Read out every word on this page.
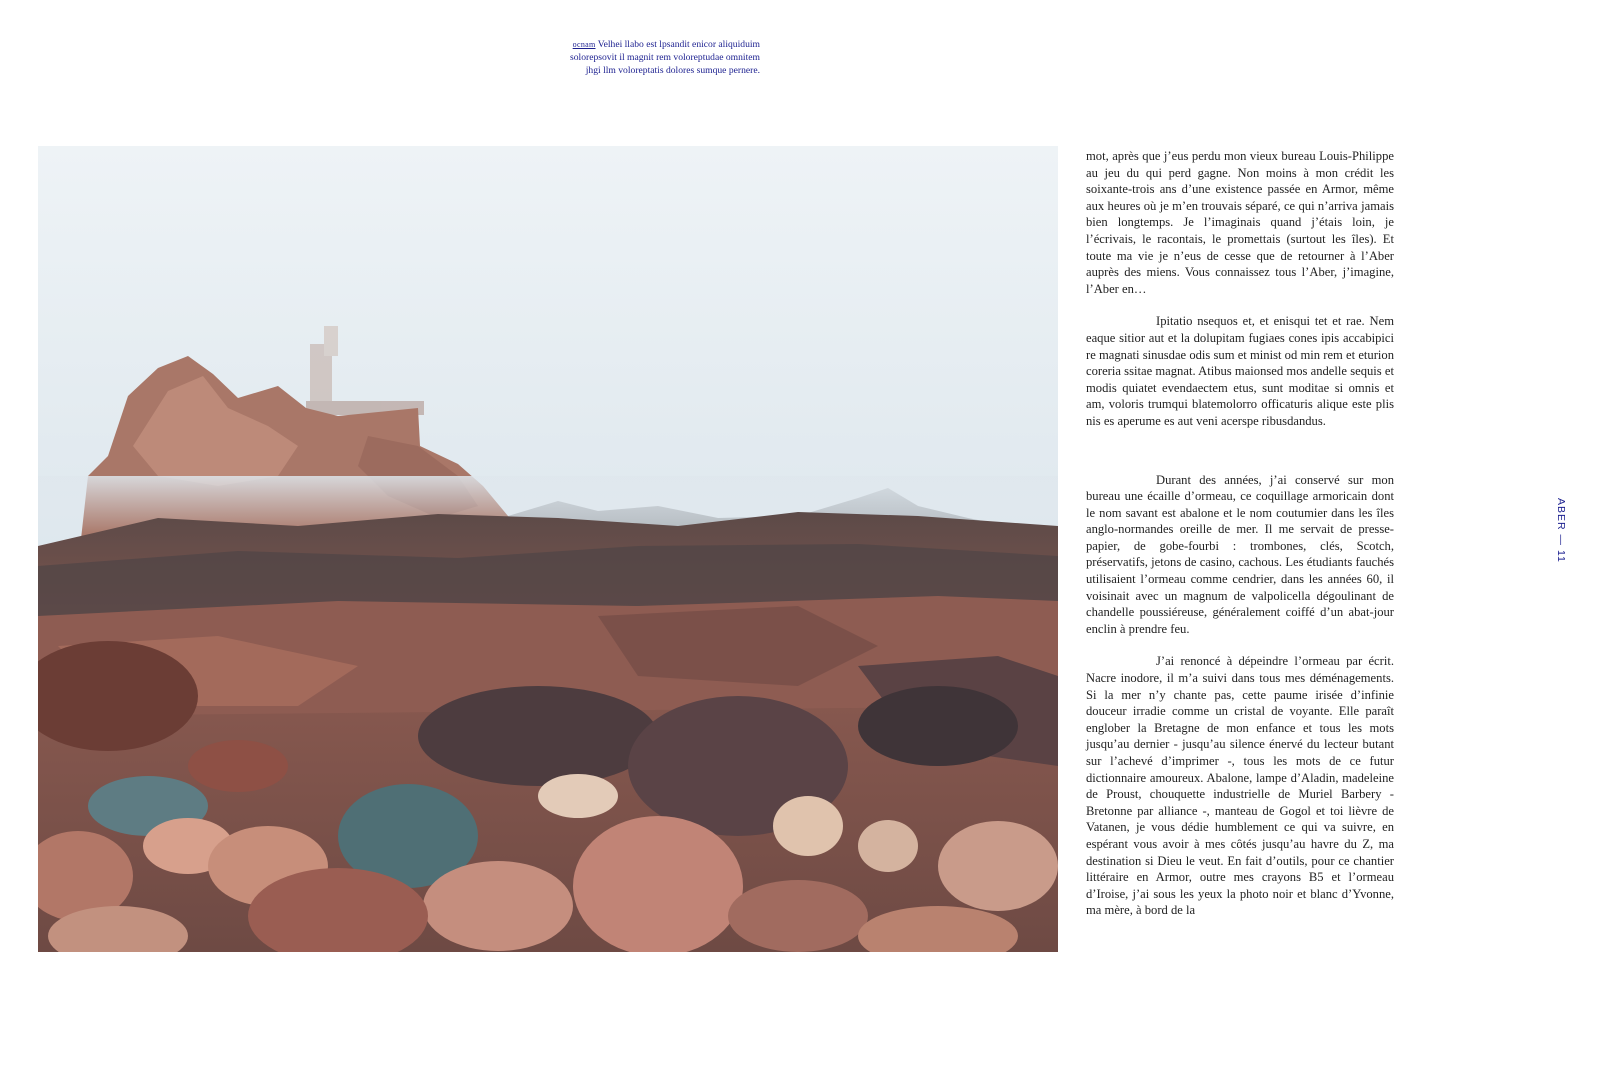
ocnam Velhei llabo est lpsandit enicor aliquiduim solorepsovit il magnit rem voloreptudae omnitem jhgi llm voloreptatis dolores sumque pernere.

mot, après que j’eus perdu mon vieux bureau Louis-Philippe au jeu du qui perd gagne. Non moins à mon crédit les soixante-trois ans d’une existence passée en Armor, même aux heures où je m’en trouvais séparé, ce qui n’arriva jamais bien longtemps. Je l’imaginais quand j’étais loin, je l’écrivais, le racontais, le promettais (surtout les îles). Et toute ma vie je n’eus de cesse que de retourner à l’Aber auprès des miens. Vous connaissez tous l’Aber, j’imagine, l’Aber en…

Ipitatio nsequos et, et enisqui tet et rae. Nem eaque sitior aut et la dolupitam fugiaes cones ipis accabipici re magnati sinusdae odis sum et minist od min rem et eturion coreria ssitae magnat. Atibus maionsed mos andelle sequis et modis quiatet evendaectem etus, sunt moditae si omnis et am, voloris trumqui blatemolorro officaturis alique este plis nis es aperume es aut veni acerspe ribusdandus.

Durant des années, j’ai conservé sur mon bureau une écaille d’ormeau, ce coquillage armoricain dont le nom savant est abalone et le nom coutumier dans les îles anglo-normandes oreille de mer. Il me servait de presse-papier, de gobe-fourbi : trombones, clés, Scotch, préservatifs, jetons de casino, cachous. Les étudiants fauchés utilisaient l’ormeau comme cendrier, dans les années 60, il voisinait avec un magnum de valpolicella dégoulinant de chandelle poussiéreuse, généralement coiffé d’un abat-jour enclin à prendre feu.

J’ai renoncé à dépeindre l’ormeau par écrit. Nacre inodore, il m’a suivi dans tous mes déménagements. Si la mer n’y chante pas, cette paume irisée d’infinie douceur irradie comme un cristal de voyante. Elle paraît englober la Bretagne de mon enfance et tous les mots jusqu’au dernier - jusqu’au silence énervé du lecteur butant sur l’achevé d’imprimer -, tous les mots de ce futur dictionnaire amoureux. Abalone, lampe d’Aladin, madeleine de Proust, chouquette industrielle de Muriel Barbery - Bretonne par alliance -, manteau de Gogol et toi lièvre de Vatanen, je vous dédie humblement ce qui va suivre, en espérant vous avoir à mes côtés jusqu’au havre du Z, ma destination si Dieu le veut. En fait d’outils, pour ce chantier littéraire en Armor, outre mes crayons B5 et l’ormeau d’Iroise, j’ai sous les yeux la photo noir et blanc d’Yvonne, ma mère, à bord de la

ABER — 11
